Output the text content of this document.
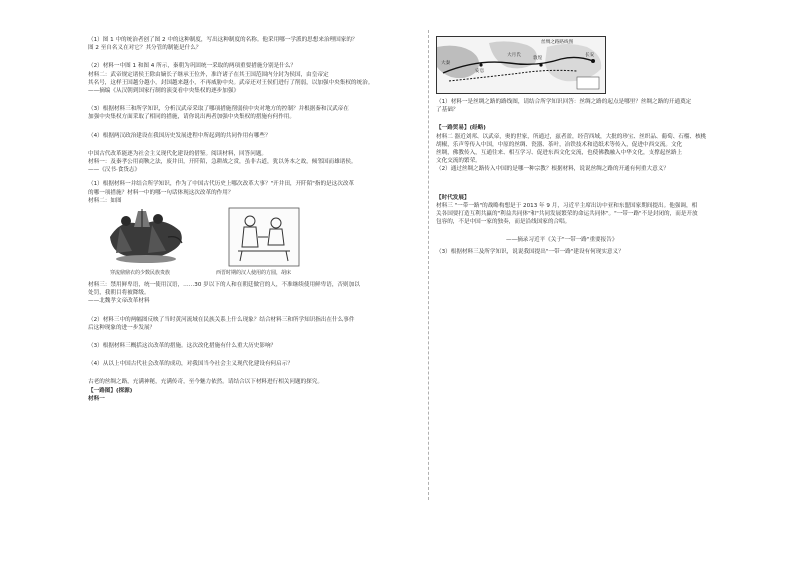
（1）图 1 中的统治者创了图 2 中的这种制度，写出这种制度的名称。他采用哪一学派的思想来治理国家的？
图 2 至自名义在对它？其分管的制能是什么？
（2）材料一中图 1 和图 4 所示，秦朝为巩固统一采取的两项重要措施分别是什么？
材料二：武帝规定诸侯王除由嫡长子继承王位外，准许诸子在其王国范围内分封为侯国，由皇帝定
其名号，这样王国越分越小，封国越来越小，不再威胁中央。武帝还对王侯们进行了削弱，以加强中央集权的统治。
——摘编《从汉朝到国家行制的演变看中央集权的逐步加强》
（3）根据材料三和所学知识，分析汉武帝采取了哪项措施削弱侯中央对地方的控制？并根据秦和汉武帝在
加强中央集权方面采取了相同的措施，请你说出两者加强中央集权的措施有何作用。
（4）根据两汉政治建设在我国历史发展进程中所起到的共同作用有哪些？
中国古代改革能逐为社会主义现代化建设的借鉴。阅读材料，回答问题。
材料一：及秦孝公用商鞅之法，废井田，开阡陌，急耕战之赏，虽非古道，犹以务本之故，倾邻国而雄诸侯。
——《汉书·食货志》
（1）根据材料一并结合所学知识，作为了中国古代历史上哪次改革大事？"开井田，开阡陌"指的是这次改革
的哪一项措施？材料一中的哪一句话体现这次改革的作用？
材料二：如图
穿流鼎鼎衣的少数民族贵族	西晋时期的汉人使用的方圆，胡床
材料三：禁用鲜卑语，统一使用汉语，……30 岁以下的人和在朝廷做官的人，不准继续使用鲜卑语，否则加以
处罚，我朝目将被降级。
——北魏孝文帝改革材料
（2）材料三中的两幅图反映了当时黄河流域在民族关系上什么现象？结合材料三和所学知识指出在什么事件
后这种现象的进一步发展？
（3）根据材料三概括这次改革的措施。这次改化措施有什么重大历史影响？
（4）从以上中国古代社会改革的成功，对我国当今社会主义现代化建设有何启示？
古老的丝绸之路，充满神秘，充满传奇，至今魅力依然。请结合以下材料进行相关问题的探究。
【一路图】(探源)
材料一
长安
敦煌
大秦
安息
大月氏
丝绸之路路线图
（1）材料一是丝绸之路的路线图，请结合所学知识回答：丝绸之路的起点是哪里？丝绸之路的开通奠定
了基础？
【一路贸易】(经略)
材料二 器近刘邦、以武帝，奥的世家，所通过，兹者盈，经营西域，大批的珍宝、丝织品、葡萄、石榴、核桃
胡椒，乐声等传入中国，中原的丝绸、瓷器、茶叶，冶铁技术和造纸术等传入，促进中西交流。文化
丝绸，佛教传入，互通往来、相互学习、促进东西文化交流，也使佛教融入中华文化，支撑起丝路上
文化交流的繁荣。
（2）通过丝绸之路传入中国的是哪一种宗教？根据材料，说说丝绸之路的开通有何重大意义？
【时代发展】
材料三 "一带一路"的战略构想是于 2013 年 9 月，习近平主席出访中亚和东盟国家期间提出。他强调，相
关各国要打造互利共赢的"利益共同体"和"共同发展繁荣的命运共同体"。"一带一路"不是封闭的，而是开放
包容的，不是中国一家的独奏，而是沿线国家的合唱。
——摘录习近平《关于"一带一路"重要报告》
（3）根据材料三及所学知识，说说我国提出"一带一路"建设有何现实意义？
